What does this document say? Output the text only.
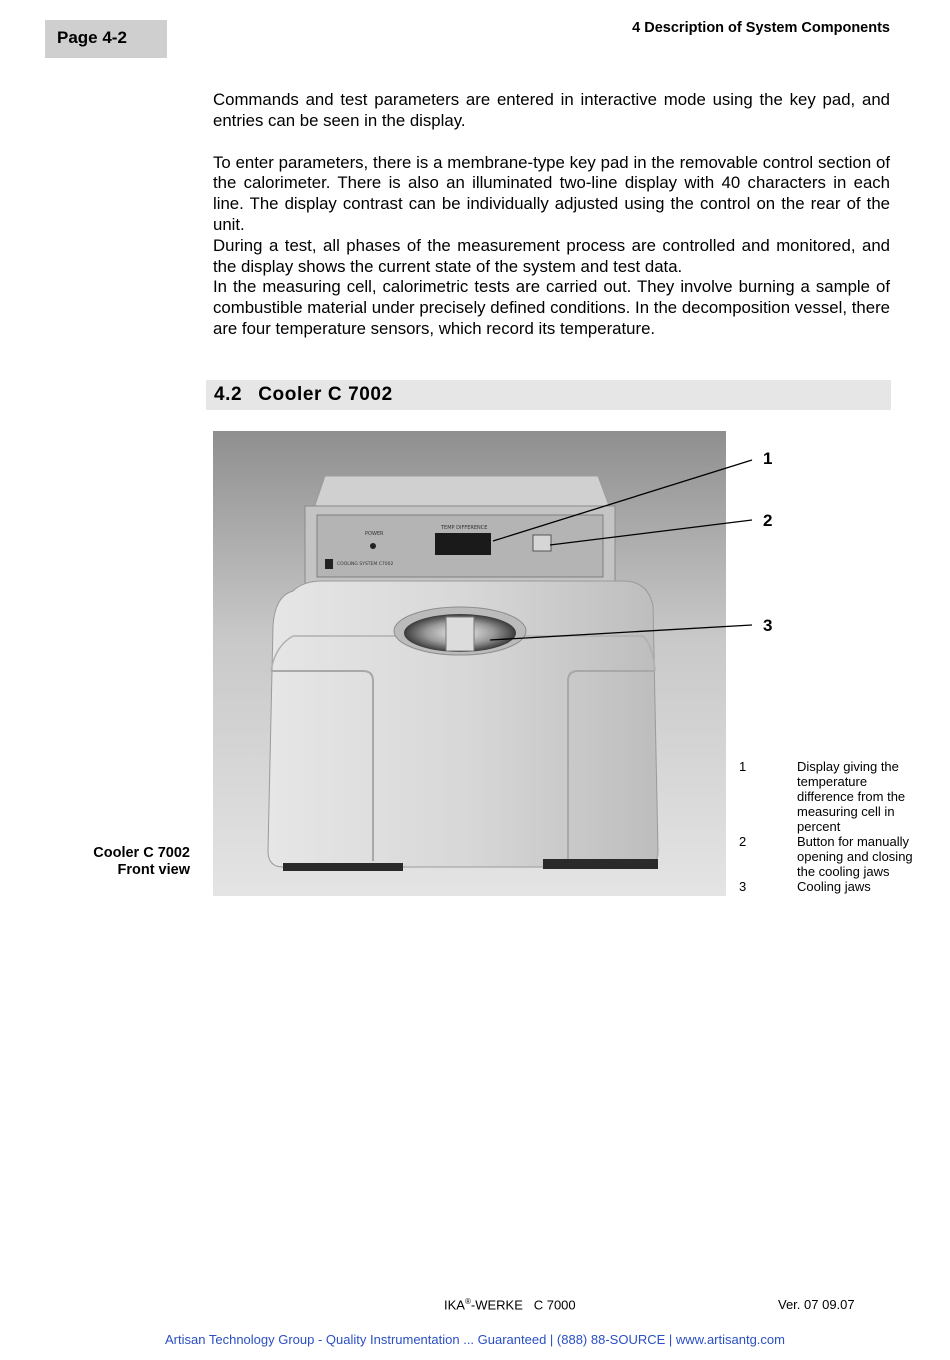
Page 4-2	4 Description of System Components

Commands and test parameters are entered in interactive mode using the key pad, and entries can be seen in the display.

To enter parameters, there is a membrane-type key pad in the removable control section of the calorimeter. There is also an illuminated two-line display with 40 characters in each line. The display contrast can be individually adjusted using the control on the rear of the unit.

During a test, all phases of the measurement process are controlled and monitored, and the display shows the current state of the system and test data.

In the measuring cell, calorimetric tests are carried out. They involve burning a sample of combustible material under precisely defined conditions. In the decomposition vessel, there are four temperature sensors, which record its temperature.

4.2 Cooler C 7002
POWER
TEMP DIFFERENCE
COOLING SYSTEM C7002
1
2
3
1	Display giving the temperature difference from the measuring cell in percent
2	Button for manually opening and closing the cooling jaws
3	Cooling jaws
Cooler C 7002
Front view
IKA®-WERKE   C 7000	Ver. 07 09.07
Artisan Technology Group - Quality Instrumentation ... Guaranteed | (888) 88-SOURCE | www.artisantg.com
